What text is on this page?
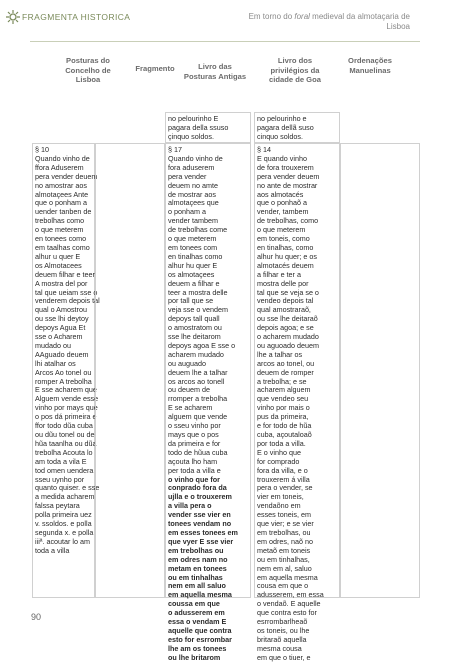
FRAGMENTA HISTORICA	Em torno do foral medieval da almotaçaria de
Lisboa
Posturas do
Concelho de
Lisboa
Fragmento	Livro das
Posturas Antigas
Livro dos
privilégios da
cidade de Goa
Ordenações
Manuelinas
no pelourinho E
pagara della ssuso
çinquo soldos.
no pelourinho e
pagara dellã suso
cinquo soldos.
§ 10
Quando vinho de
ffora Aduserem
pera vender deuem
no amostrar aos
almotaçees Ante
que o ponham a
uender tanben de
trebolhas como
o que meterem
en tonees como
em taalhas como
alhur u quer E
os Almotacees
deuem filhar e teer
A mostra del por
tal que ueiam sse o
venderem depois tal
qual o Amostrou
ou sse lhi deytoy
depoys Agua Et
sse o Acharem
mudado ou
AAguado deuem
lhi atalhar os
Arcos Ao tonel ou
romper A trebolha
E sse acharem que
Alguem vende esse
vinho por mays que
o pos dá primeira e
ffor todo dũa cuba
ou dũu tonel ou de
hũa taanlha ou dũa
trebolha Acouta lo
am toda a vila E
tod omen uendera
sseu uynho por
quanto quiser. e sse
a medida acharem
falssa peytara
polla primeira uez
v. ssoldos. e polla
segunda x. e polla
iiiª. acoutar lo am
toda a villa
§ 17
Quando vinho de
fora aduserem
pera vender
deuem no amte
de mostrar aos
almotaçees que
o ponham a
vender tambem
de trebolhas come
o que meterem
em tonees com
en tinalhas como
alhur hu quer E
os almotaçees
deuem a filhar e
teer a mostra delle
por tall que se
veja sse o vendem
depoys tall quall
o amostratom ou
sse lhe deitarom
depoys agoa E sse o
acharem mudado
ou auguado
deuem lhe a talhar
os arcos ao tonell
ou deuem de
rromper a trebolha
E se acharem
alguem que vende
o sseu vinho por
mays que o pos
da primeira e for
todo de hũua cuba
açouta lho ham
per toda a villa e
o vinho que for
conprado fora da
ujlla e o trouxerem
a villa pera o
vender sse vier en
tonees vendam no
em esses tonees em
que vyer E sse vier
em trebolhas ou
em odres nam no
metam en tonees
ou em tinhalhas
nem em all saluo
em aquella mesma
coussa em que
o adusserem em
essa o vendam E
aquelle que contra
esto for esrrombar
lhe am os tonees
ou lhe britarom
§ 14
E quando vinho
de fora trouxerem
pera vender deuem
no ante de mostrar
aos almotacés
que o ponhaõ a
vender, tambem
de trebolhas, como
o que meterem
em toneis, como
en tinalhas, como
alhur hu quer; e os
almotacés deuem
a filhar e ter a
mostra delle por
tal que se veja se o
vendeo depois tal
qual amostraraõ,
ou sse lhe deitaraõ
depois agoa; e se
o acharem mudado
ou aguoado deuem
lhe a talhar os
arcos ao tonel, ou
deuem de romper
a trebolha; e se
acharem alguem
que vendeo seu
vinho por mais o
pus da primeira,
e for todo de hũa
cuba, açoutaloaõ
por toda a villa.
E o vinho que
for comprado
fora da villa, e o
trouxerem á villa
pera o vender, se
vier em toneis,
vendaõno em
esses toneis, em
que vier; e se vier
em trebolhas, ou
em odres, naõ no
metaõ em toneis
ou em tinhalhas,
nem em al, saluo
em aquella mesma
cousa em que o
adusserem, em essa
o vendaõ. E aquelle
que contra esto for
esrrombarlheaõ
os toneis, ou lhe
britaraõ aquella
mesma cousa
em que o tiuer, e
90
